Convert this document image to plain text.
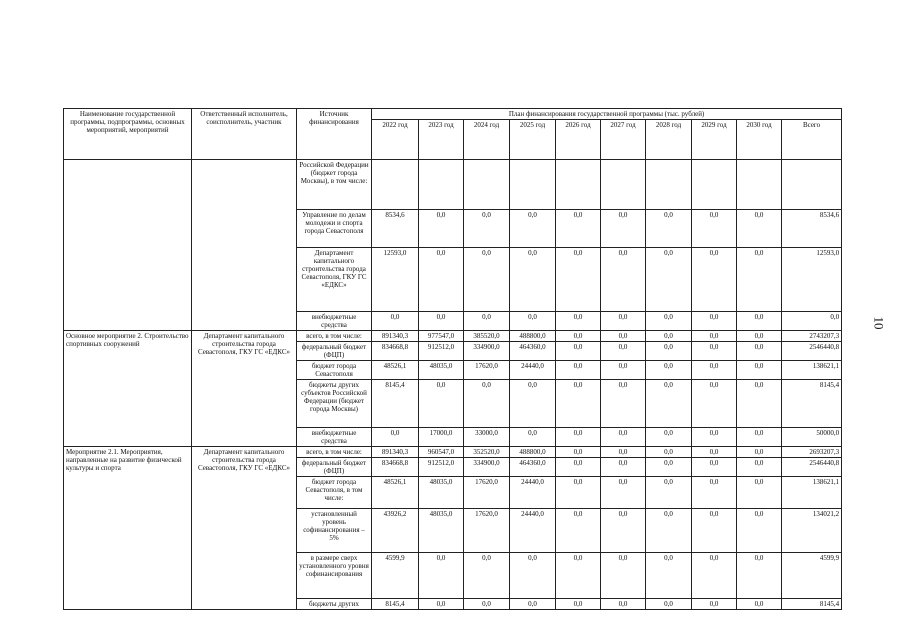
Наименование государственной программы, подпрограммы, основных мероприятий, мероприятий	Ответственный исполнитель, соисполнитель, участник	Источник финансирования	План финансирования государственной программы (тыс. рублей)									
			2022 год	2023 год	2024 год	2025 год	2026 год	2027 год	2028 год	2029 год	2030 год	Всего
		Российской Федерации (бюджет города Москвы), в том числе:										
		Управление по делам молодежи и спорта города Севастополя	8534,6	0,0	0,0	0,0	0,0	0,0	0,0	0,0	0,0	8534,6
		Департамент капитального строительства города Севастополя, ГКУ ГС «ЕДКС»	12593,0	0,0	0,0	0,0	0,0	0,0	0,0	0,0	0,0	12593,0
		внебюджетные средства	0,0	0,0	0,0	0,0	0,0	0,0	0,0	0,0	0,0	0,0
Основное мероприятие 2. Строительство спортивных сооружений	Департамент капитального строительства города Севастополя, ГКУ ГС «ЕДКС»	всего, в том числе:	891340,3	977547,0	385520,0	488800,0	0,0	0,0	0,0	0,0	0,0	2743207,3
		федеральный бюджет (ФЦП)	834668,8	912512,0	334900,0	464360,0	0,0	0,0	0,0	0,0	0,0	2546440,8
		бюджет города Севастополя	48526,1	48035,0	17620,0	24440,0	0,0	0,0	0,0	0,0	0,0	138621,1
		бюджеты других субъектов Российской Федерации (бюджет города Москвы)	8145,4	0,0	0,0	0,0	0,0	0,0	0,0	0,0	0,0	8145,4
		внебюджетные средства	0,0	17000,0	33000,0	0,0	0,0	0,0	0,0	0,0	0,0	50000,0
Мероприятие 2.1. Мероприятия, направленные на развитие физической культуры и спорта	Департамент капитального строительства города Севастополя, ГКУ ГС «ЕДКС»	всего, в том числе:	891340,3	960547,0	352520,0	488800,0	0,0	0,0	0,0	0,0	0,0	2693207,3
		федеральный бюджет (ФЦП)	834668,8	912512,0	334900,0	464360,0	0,0	0,0	0,0	0,0	0,0	2546440,8
		бюджет города Севастополя, в том числе:	48526,1	48035,0	17620,0	24440,0	0,0	0,0	0,0	0,0	0,0	138621,1
		установленный уровень софинансирования – 5%	43926,2	48035,0	17620,0	24440,0	0,0	0,0	0,0	0,0	0,0	134021,2
		в размере сверх установленного уровня софинансирования	4599,9	0,0	0,0	0,0	0,0	0,0	0,0	0,0	0,0	4599,9
		бюджеты других	8145,4	0,0	0,0	0,0	0,0	0,0	0,0	0,0	0,0	8145,4
10
